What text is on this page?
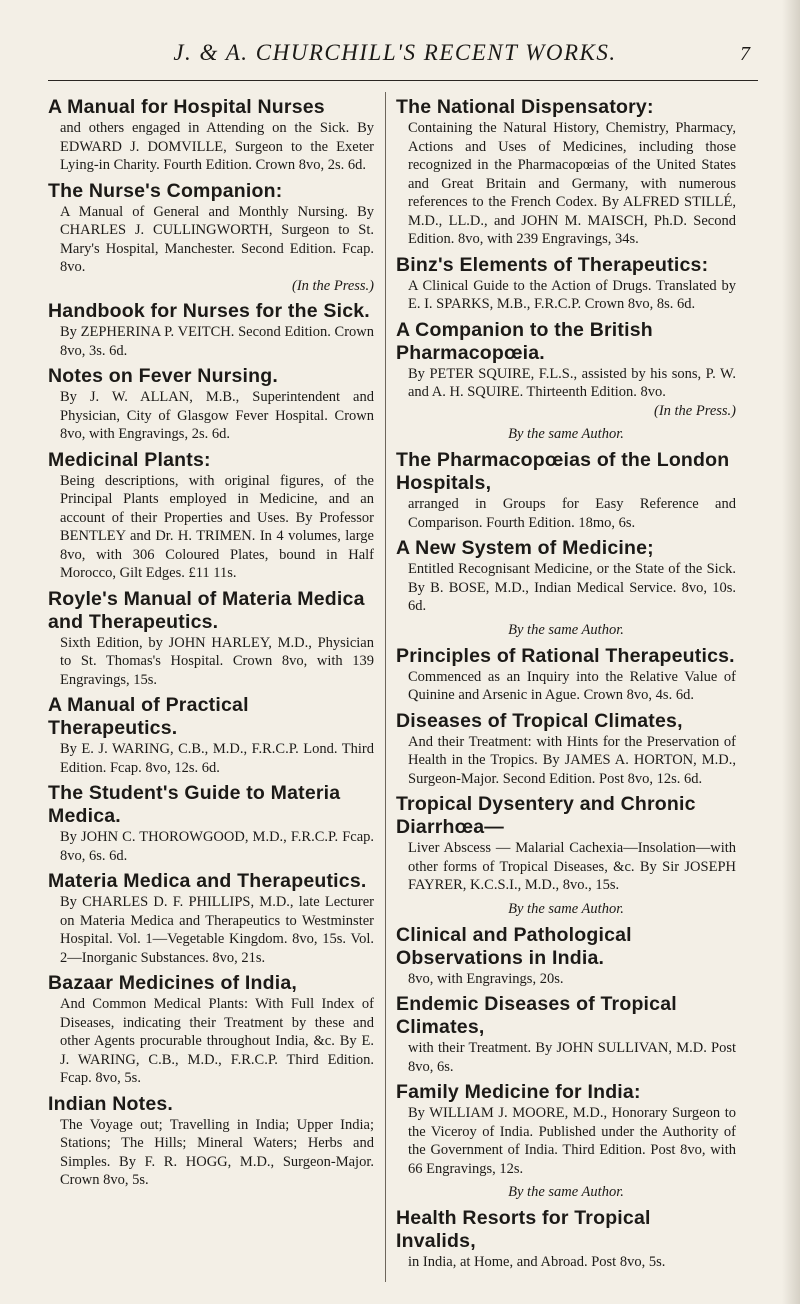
J. & A. CHURCHILL'S RECENT WORKS.	7
A Manual for Hospital Nurses
and others engaged in Attending on the Sick. By EDWARD J. DOMVILLE, Surgeon to the Exeter Lying-in Charity. Fourth Edition. Crown 8vo, 2s. 6d.
The Nurse's Companion:
A Manual of General and Monthly Nursing. By CHARLES J. CULLINGWORTH, Surgeon to St. Mary's Hospital, Manchester. Second Edition. Fcap. 8vo.
(In the Press.)
Handbook for Nurses for the Sick.
By ZEPHERINA P. VEITCH. Second Edition. Crown 8vo, 3s. 6d.
Notes on Fever Nursing.
By J. W. ALLAN, M.B., Superintendent and Physician, City of Glasgow Fever Hospital. Crown 8vo, with Engravings, 2s. 6d.
Medicinal Plants:
Being descriptions, with original figures, of the Principal Plants employed in Medicine, and an account of their Properties and Uses. By Professor BENTLEY and Dr. H. TRIMEN. In 4 volumes, large 8vo, with 306 Coloured Plates, bound in Half Morocco, Gilt Edges. £11 11s.
Royle's Manual of Materia Medica and Therapeutics.
Sixth Edition, by JOHN HARLEY, M.D., Physician to St. Thomas's Hospital. Crown 8vo, with 139 Engravings, 15s.
A Manual of Practical Therapeutics.
By E. J. WARING, C.B., M.D., F.R.C.P. Lond. Third Edition. Fcap. 8vo, 12s. 6d.
The Student's Guide to Materia Medica.
By JOHN C. THOROWGOOD, M.D., F.R.C.P. Fcap. 8vo, 6s. 6d.
Materia Medica and Therapeutics.
By CHARLES D. F. PHILLIPS, M.D., late Lecturer on Materia Medica and Therapeutics to Westminster Hospital. Vol. 1—Vegetable Kingdom. 8vo, 15s. Vol. 2—Inorganic Substances. 8vo, 21s.
Bazaar Medicines of India,
And Common Medical Plants: With Full Index of Diseases, indicating their Treatment by these and other Agents procurable throughout India, &c. By E. J. WARING, C.B., M.D., F.R.C.P. Third Edition. Fcap. 8vo, 5s.
Indian Notes.
The Voyage out; Travelling in India; Upper India; Stations; The Hills; Mineral Waters; Herbs and Simples. By F. R. HOGG, M.D., Surgeon-Major. Crown 8vo, 5s.
The National Dispensatory:
Containing the Natural History, Chemistry, Pharmacy, Actions and Uses of Medicines, including those recognized in the Pharmacopœias of the United States and Great Britain and Germany, with numerous references to the French Codex. By ALFRED STILLÉ, M.D., LL.D., and JOHN M. MAISCH, Ph.D. Second Edition. 8vo, with 239 Engravings, 34s.
Binz's Elements of Therapeutics:
A Clinical Guide to the Action of Drugs. Translated by E. I. SPARKS, M.B., F.R.C.P. Crown 8vo, 8s. 6d.
A Companion to the British Pharmacopœia.
By PETER SQUIRE, F.L.S., assisted by his sons, P. W. and A. H. SQUIRE. Thirteenth Edition. 8vo.
(In the Press.)
By the same Author.
The Pharmacopœias of the London Hospitals,
arranged in Groups for Easy Reference and Comparison. Fourth Edition. 18mo, 6s.
A New System of Medicine;
Entitled Recognisant Medicine, or the State of the Sick. By B. BOSE, M.D., Indian Medical Service. 8vo, 10s. 6d.
By the same Author.
Principles of Rational Therapeutics.
Commenced as an Inquiry into the Relative Value of Quinine and Arsenic in Ague. Crown 8vo, 4s. 6d.
Diseases of Tropical Climates,
And their Treatment: with Hints for the Preservation of Health in the Tropics. By JAMES A. HORTON, M.D., Surgeon-Major. Second Edition. Post 8vo, 12s. 6d.
Tropical Dysentery and Chronic Diarrhœa—
Liver Abscess — Malarial Cachexia—Insolation—with other forms of Tropical Diseases, &c. By Sir JOSEPH FAYRER, K.C.S.I., M.D., 8vo., 15s.
By the same Author.
Clinical and Pathological Observations in India.
8vo, with Engravings, 20s.
Endemic Diseases of Tropical Climates,
with their Treatment. By JOHN SULLIVAN, M.D. Post 8vo, 6s.
Family Medicine for India:
By WILLIAM J. MOORE, M.D., Honorary Surgeon to the Viceroy of India. Published under the Authority of the Government of India. Third Edition. Post 8vo, with 66 Engravings, 12s.
By the same Author.
Health Resorts for Tropical Invalids,
in India, at Home, and Abroad. Post 8vo, 5s.
